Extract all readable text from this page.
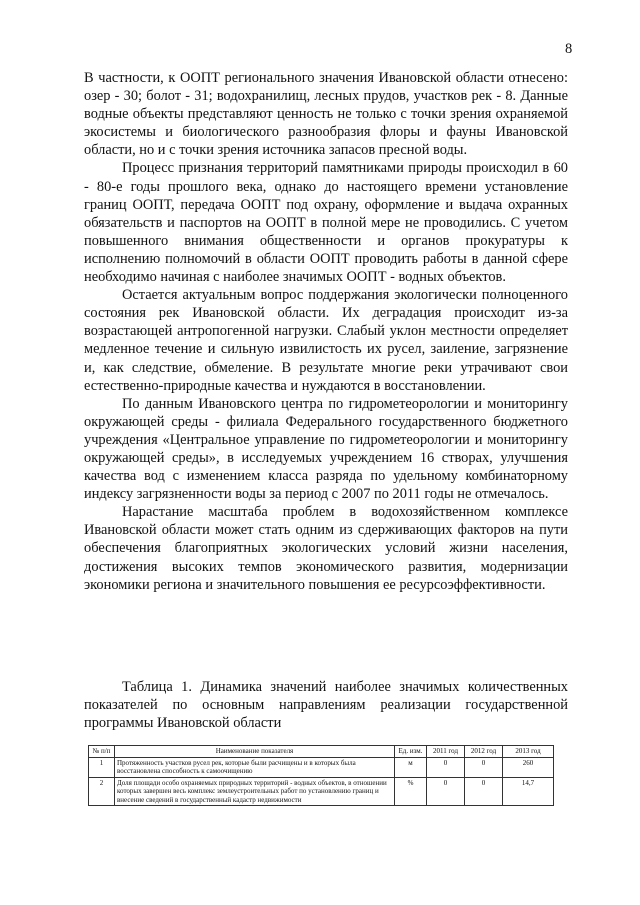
8

В частности, к ООПТ регионального значения Ивановской области отнесено: озер - 30; болот - 31; водохранилищ, лесных прудов, участков рек - 8. Данные водные объекты представляют ценность не только с точки зрения охраняемой экосистемы и биологического разнообразия флоры и фауны Ивановской области, но и с точки зрения источника запасов пресной воды.

Процесс признания территорий памятниками природы происходил в 60 - 80-е годы прошлого века, однако до настоящего времени установление границ ООПТ, передача ООПТ под охрану, оформление и выдача охранных обязательств и паспортов на ООПТ в полной мере не проводились. С учетом повышенного внимания общественности и органов прокуратуры к исполнению полномочий в области ООПТ проводить работы в данной сфере необходимо начиная с наиболее значимых ООПТ - водных объектов.

Остается актуальным вопрос поддержания экологически полноценного состояния рек Ивановской области. Их деградация происходит из-за возрастающей антропогенной нагрузки. Слабый уклон местности определяет медленное течение и сильную извилистость их русел, заиление, загрязнение и, как следствие, обмеление. В результате многие реки утрачивают свои естественно-природные качества и нуждаются в восстановлении.

По данным Ивановского центра по гидрометеорологии и мониторингу окружающей среды - филиала Федерального государственного бюджетного учреждения «Центральное управление по гидрометеорологии и мониторингу окружающей среды», в исследуемых учреждением 16 створах, улучшения качества вод с изменением класса разряда по удельному комбинаторному индексу загрязненности воды за период с 2007 по 2011 годы не отмечалось.

Нарастание масштаба проблем в водохозяйственном комплексе Ивановской области может стать одним из сдерживающих факторов на пути обеспечения благоприятных экологических условий жизни населения, достижения высоких темпов экономического развития, модернизации экономики региона и значительного повышения ее ресурсоэффективности.

Таблица 1. Динамика значений наиболее значимых количественных показателей по основным направлениям реализации государственной программы Ивановской области

№ п/п	Наименование показателя	Ед. изм.	2011 год	2012 год	2013 год
1	Протяженность участков русел рек, которые были расчищены и в которых была восстановлена способность к самоочищению	м	0	0	260
2	Доля площади особо охраняемых природных территорий - водных объектов, в отношении которых завершен весь комплекс землеустроительных работ по установлению границ и внесение сведений в государственный кадастр недвижимости	%	0	0	14,7
